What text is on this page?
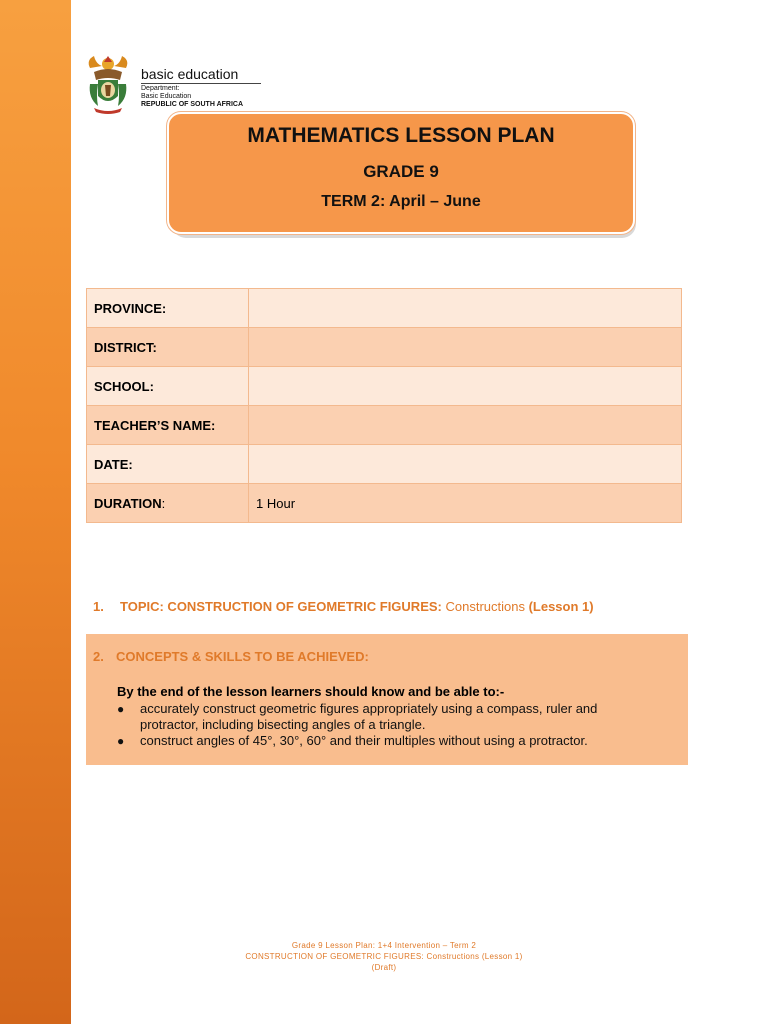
basic education
Department:
Basic Education
REPUBLIC OF SOUTH AFRICA
MATHEMATICS LESSON PLAN
GRADE 9
TERM 2: April – June
PROVINCE:	
DISTRICT:	
SCHOOL:	
TEACHER’S NAME:	
DATE:	
DURATION:	1 Hour
1. TOPIC: CONSTRUCTION OF GEOMETRIC FIGURES: Constructions (Lesson 1)
2. CONCEPTS & SKILLS TO BE ACHIEVED:
By the end of the lesson learners should know and be able to:-
● accurately construct geometric figures appropriately using a compass, ruler and protractor, including bisecting angles of a triangle.
● construct angles of 45°, 30°, 60° and their multiples without using a protractor.
Grade 9 Lesson Plan: 1+4 Intervention – Term 2
CONSTRUCTION OF GEOMETRIC FIGURES: Constructions (Lesson 1)
(Draft)
